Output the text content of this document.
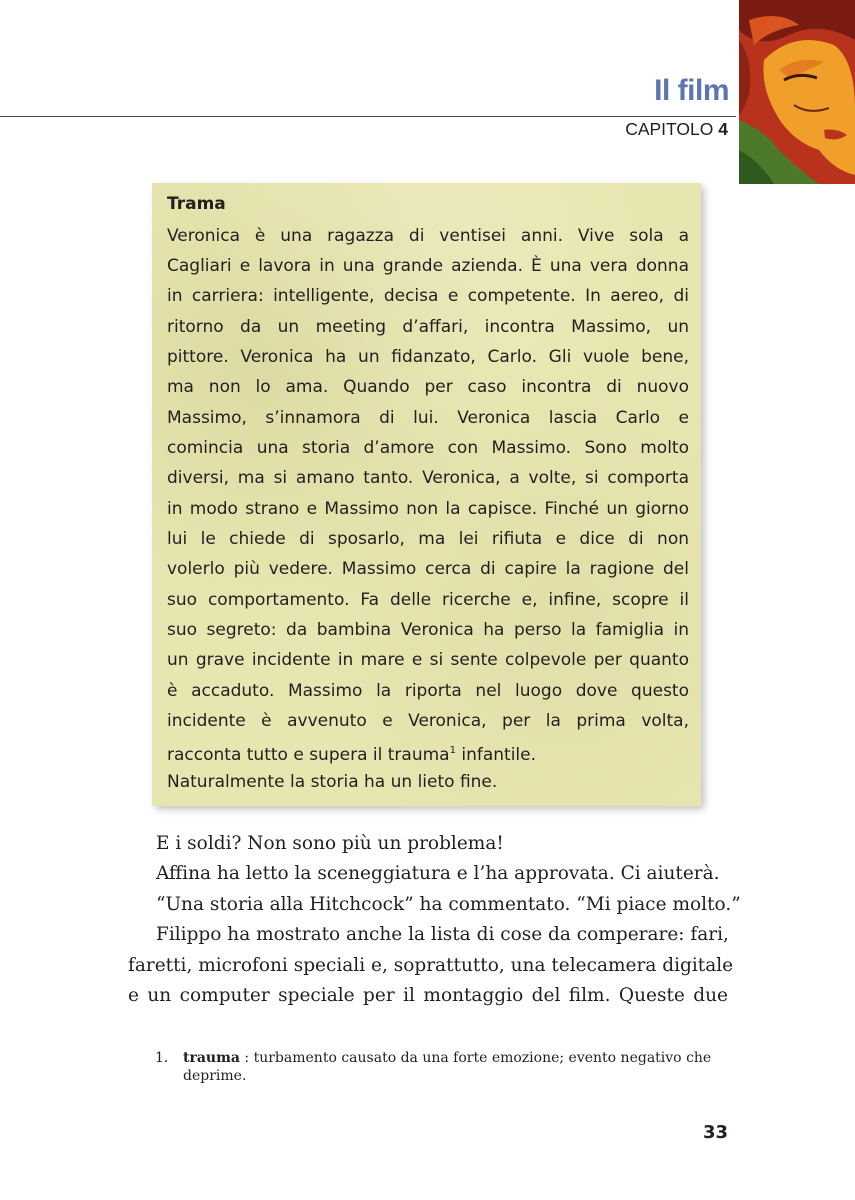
Il film
CAPITOLO 4
Trama
Veronica è una ragazza di ventisei anni. Vive sola a
Cagliari e lavora in una grande azienda. È una vera donna
in carriera: intelligente, decisa e competente. In aereo, di
ritorno da un meeting d’affari, incontra Massimo, un
pittore. Veronica ha un fidanzato, Carlo. Gli vuole bene,
ma non lo ama. Quando per caso incontra di nuovo
Massimo, s’innamora di lui. Veronica lascia Carlo e
comincia una storia d’amore con Massimo. Sono molto
diversi, ma si amano tanto. Veronica, a volte, si comporta
in modo strano e Massimo non la capisce. Finché un giorno
lui le chiede di sposarlo, ma lei rifiuta e dice di non
volerlo più vedere. Massimo cerca di capire la ragione del
suo comportamento. Fa delle ricerche e, infine, scopre il
suo segreto: da bambina Veronica ha perso la famiglia in
un grave incidente in mare e si sente colpevole per quanto
è accaduto. Massimo la riporta nel luogo dove questo
incidente è avvenuto e Veronica, per la prima volta,
racconta tutto e supera il trauma$^1$ infantile.
Naturalmente la storia ha un lieto fine.
E i soldi? Non sono più un problema!
Affina ha letto la sceneggiatura e l’ha approvata. Ci aiuterà.
“Una storia alla Hitchcock” ha commentato. “Mi piace molto.”
Filippo ha mostrato anche la lista di cose da comperare: fari,
faretti, microfoni speciali e, soprattutto, una telecamera digitale
e un computer speciale per il montaggio del film. Queste due
1. trauma : turbamento causato da una forte emozione; evento negativo che deprime.
33
